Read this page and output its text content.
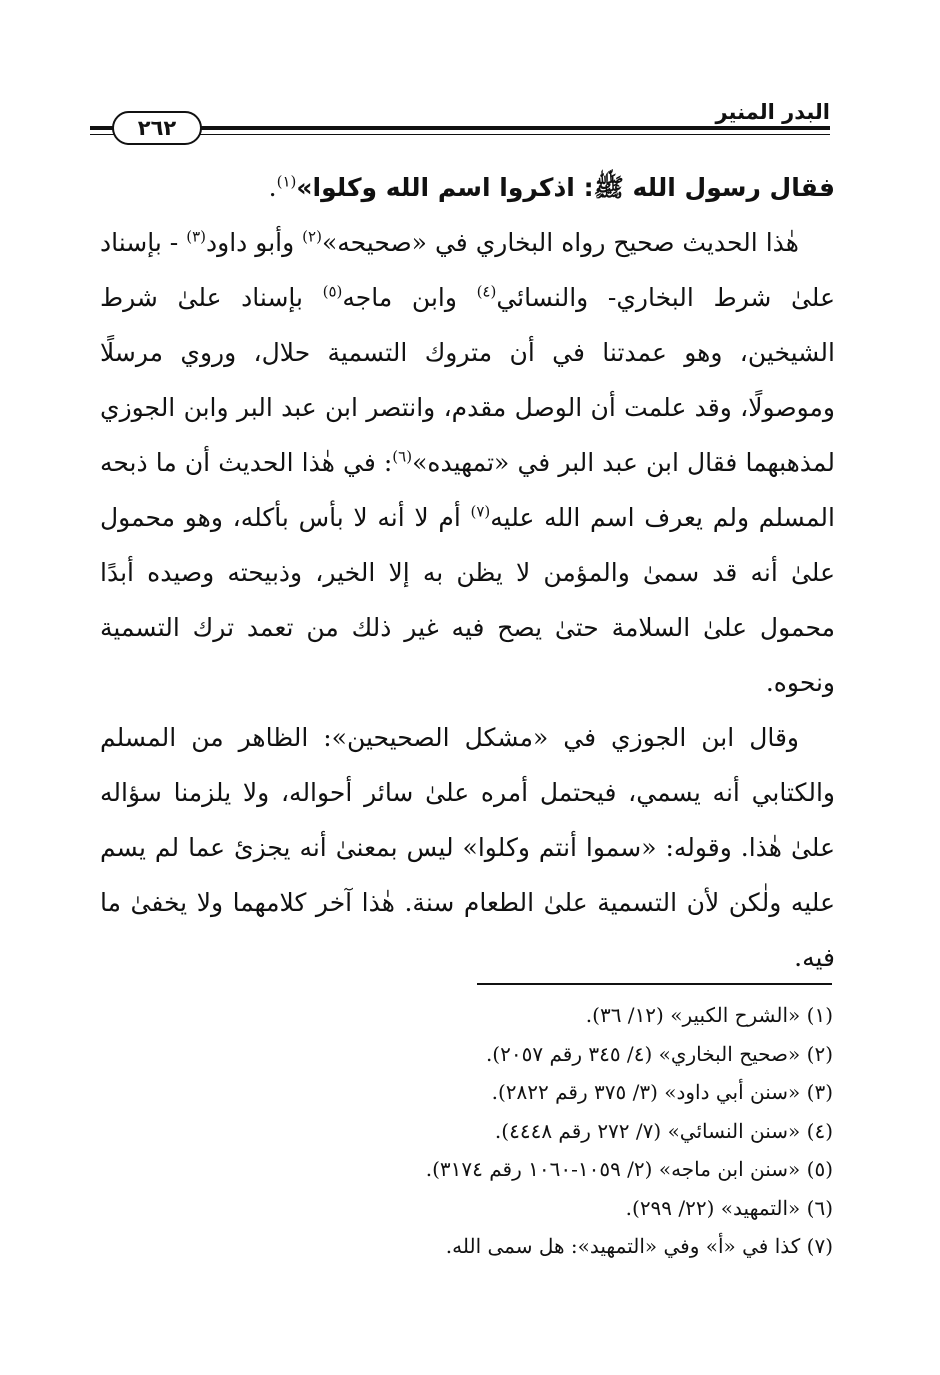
البدر المنير
٢٦٢

فقال رسول الله ﷺ: اذكروا اسم الله وكلوا»$^{(١)}$.

هٰذا الحديث صحيح رواه البخاري في «صحيحه»$^{(٢)}$ وأبو داود$^{(٣)}$ - بإسناد علىٰ شرط البخاري- والنسائي$^{(٤)}$ وابن ماجه$^{(٥)}$ بإسناد علىٰ شرط الشيخين، وهو عمدتنا في أن متروك التسمية حلال، وروي مرسلًا وموصولًا، وقد علمت أن الوصل مقدم، وانتصر ابن عبد البر وابن الجوزي لمذهبهما فقال ابن عبد البر في «تمهيده»$^{(٦)}$: في هٰذا الحديث أن ما ذبحه المسلم ولم يعرف اسم الله عليه$^{(٧)}$ أم لا أنه لا بأس بأكله، وهو محمول علىٰ أنه قد سمىٰ والمؤمن لا يظن به إلا الخير، وذبيحته وصيده أبدًا محمول علىٰ السلامة حتىٰ يصح فيه غير ذلك من تعمد ترك التسمية ونحوه.

وقال ابن الجوزي في «مشكل الصحيحين»: الظاهر من المسلم والكتابي أنه يسمي، فيحتمل أمره علىٰ سائر أحواله، ولا يلزمنا سؤاله علىٰ هٰذا. وقوله: «سموا أنتم وكلوا» ليس بمعنىٰ أنه يجزئ عما لم يسم عليه ولٰكن لأن التسمية علىٰ الطعام سنة. هٰذا آخر كلامهما ولا يخفىٰ ما فيه.

(١) «الشرح الكبير» (١٢/ ٣٦).
(٢) «صحيح البخاري» (٤/ ٣٤٥ رقم ٢٠٥٧).
(٣) «سنن أبي داود» (٣/ ٣٧٥ رقم ٢٨٢٢).
(٤) «سنن النسائي» (٧/ ٢٧٢ رقم ٤٤٤٨).
(٥) «سنن ابن ماجه» (٢/ ١٠٥٩-١٠٦٠ رقم ٣١٧٤).
(٦) «التمهيد» (٢٢/ ٢٩٩).
(٧) كذا في «أ» وفي «التمهيد»: هل سمى الله.
